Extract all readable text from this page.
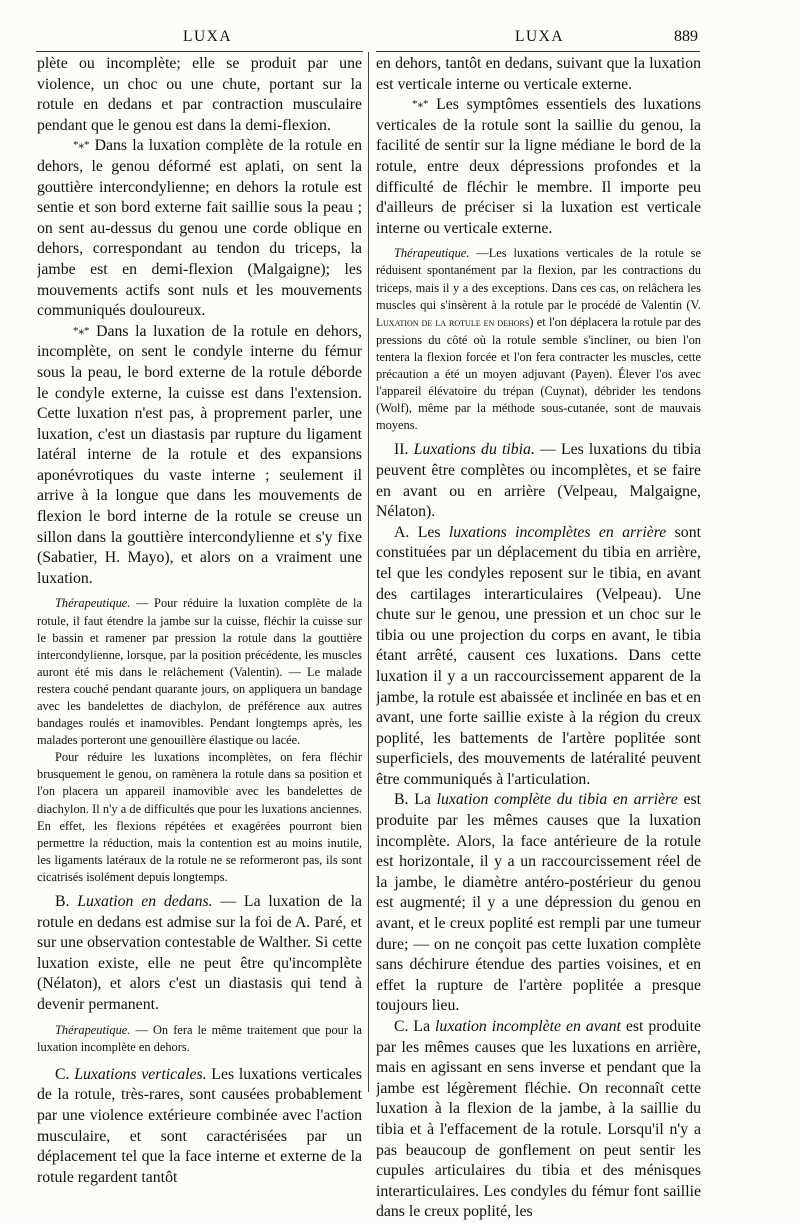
LUXA	LUXA	889

plète ou incomplète; elle se produit par une violence, un choc ou une chute, portant sur la rotule en dedans et par contraction musculaire pendant que le genou est dans la demi-flexion.

*⁎* Dans la luxation complète de la rotule en dehors, le genou déformé est aplati, on sent la gouttière intercondylienne; en dehors la rotule est sentie et son bord externe fait saillie sous la peau ; on sent au-dessus du genou une corde oblique en dehors, correspondant au tendon du triceps, la jambe est en demi-flexion (Malgaigne); les mouvements actifs sont nuls et les mouvements communiqués douloureux.

*⁎* Dans la luxation de la rotule en dehors, incomplète, on sent le condyle interne du fémur sous la peau, le bord externe de la rotule déborde le condyle externe, la cuisse est dans l'extension. Cette luxation n'est pas, à proprement parler, une luxation, c'est un diastasis par rupture du ligament latéral interne de la rotule et des expansions aponévrotiques du vaste interne ; seulement il arrive à la longue que dans les mouvements de flexion le bord interne de la rotule se creuse un sillon dans la gouttière intercondylienne et s'y fixe (Sabatier, H. Mayo), et alors on a vraiment une luxation.

Thérapeutique. — Pour réduire la luxation complète de la rotule, il faut étendre la jambe sur la cuisse, fléchir la cuisse sur le bassin et ramener par pression la rotule dans la gouttière intercondylienne, lorsque, par la position précédente, les muscles auront été mis dans le relâchement (Valentin). — Le malade restera couché pendant quarante jours, on appliquera un bandage avec les bandelettes de diachylon, de préférence aux autres bandages roulés et inamovibles. Pendant longtemps après, les malades porteront une genouillère élastique ou lacée.

Pour réduire les luxations incomplètes, on fera fléchir brusquement le genou, on ramènera la rotule dans sa position et l'on placera un appareil inamovible avec les bandelettes de diachylon. Il n'y a de difficultés que pour les luxations anciennes. En effet, les flexions répétées et exagérées pourront bien permettre la réduction, mais la contention est au moins inutile, les ligaments latéraux de la rotule ne se reformeront pas, ils sont cicatrisés isolément depuis longtemps.

B. Luxation en dedans. — La luxation de la rotule en dedans est admise sur la foi de A. Paré, et sur une observation contestable de Walther. Si cette luxation existe, elle ne peut être qu'incomplète (Nélaton), et alors c'est un diastasis qui tend à devenir permanent.

Thérapeutique. — On fera le même traitement que pour la luxation incomplète en dehors.

C. Luxations verticales. Les luxations verticales de la rotule, très-rares, sont causées probablement par une violence extérieure combinée avec l'action musculaire, et sont caractérisées par un déplacement tel que la face interne et externe de la rotule regardent tantôt

en dehors, tantôt en dedans, suivant que la luxation est verticale interne ou verticale externe.

*⁎* Les symptômes essentiels des luxations verticales de la rotule sont la saillie du genou, la facilité de sentir sur la ligne médiane le bord de la rotule, entre deux dépressions profondes et la difficulté de fléchir le membre. Il importe peu d'ailleurs de préciser si la luxation est verticale interne ou verticale externe.

Thérapeutique. —Les luxations verticales de la rotule se réduisent spontanément par la flexion, par les contractions du triceps, mais il y a des exceptions. Dans ces cas, on relâchera les muscles qui s'insèrent à la rotule par le procédé de Valentin (V. Luxation de la rotule en dehors) et l'on déplacera la rotule par des pressions du côté où la rotule semble s'incliner, ou bien l'on tentera la flexion forcée et l'on fera contracter les muscles, cette précaution a été un moyen adjuvant (Payen). Élever l'os avec l'appareil élévatoire du trépan (Cuynat), débrider les tendons (Wolf), même par la méthode sous-cutanée, sont de mauvais moyens.

II. Luxations du tibia. — Les luxations du tibia peuvent être complètes ou incomplètes, et se faire en avant ou en arrière (Velpeau, Malgaigne, Nélaton).

A. Les luxations incomplètes en arrière sont constituées par un déplacement du tibia en arrière, tel que les condyles reposent sur le tibia, en avant des cartilages interarticulaires (Velpeau). Une chute sur le genou, une pression et un choc sur le tibia ou une projection du corps en avant, le tibia étant arrêté, causent ces luxations. Dans cette luxation il y a un raccourcissement apparent de la jambe, la rotule est abaissée et inclinée en bas et en avant, une forte saillie existe à la région du creux poplité, les battements de l'artère poplitée sont superficiels, des mouvements de latéralité peuvent être communiqués à l'articulation.

B. La luxation complète du tibia en arrière est produite par les mêmes causes que la luxation incomplète. Alors, la face antérieure de la rotule est horizontale, il y a un raccourcissement réel de la jambe, le diamètre antéro-postérieur du genou est augmenté; il y a une dépression du genou en avant, et le creux poplité est rempli par une tumeur dure; — on ne conçoit pas cette luxation complète sans déchirure étendue des parties voisines, et en effet la rupture de l'artère poplitée a presque toujours lieu.

C. La luxation incomplète en avant est produite par les mêmes causes que les luxations en arrière, mais en agissant en sens inverse et pendant que la jambe est légèrement fléchie. On reconnaît cette luxation à la flexion de la jambe, à la saillie du tibia et à l'effacement de la rotule. Lorsqu'il n'y a pas beaucoup de gonflement on peut sentir les cupules articulaires du tibia et des ménisques interarticulaires. Les condyles du fémur font saillie dans le creux poplité, les
